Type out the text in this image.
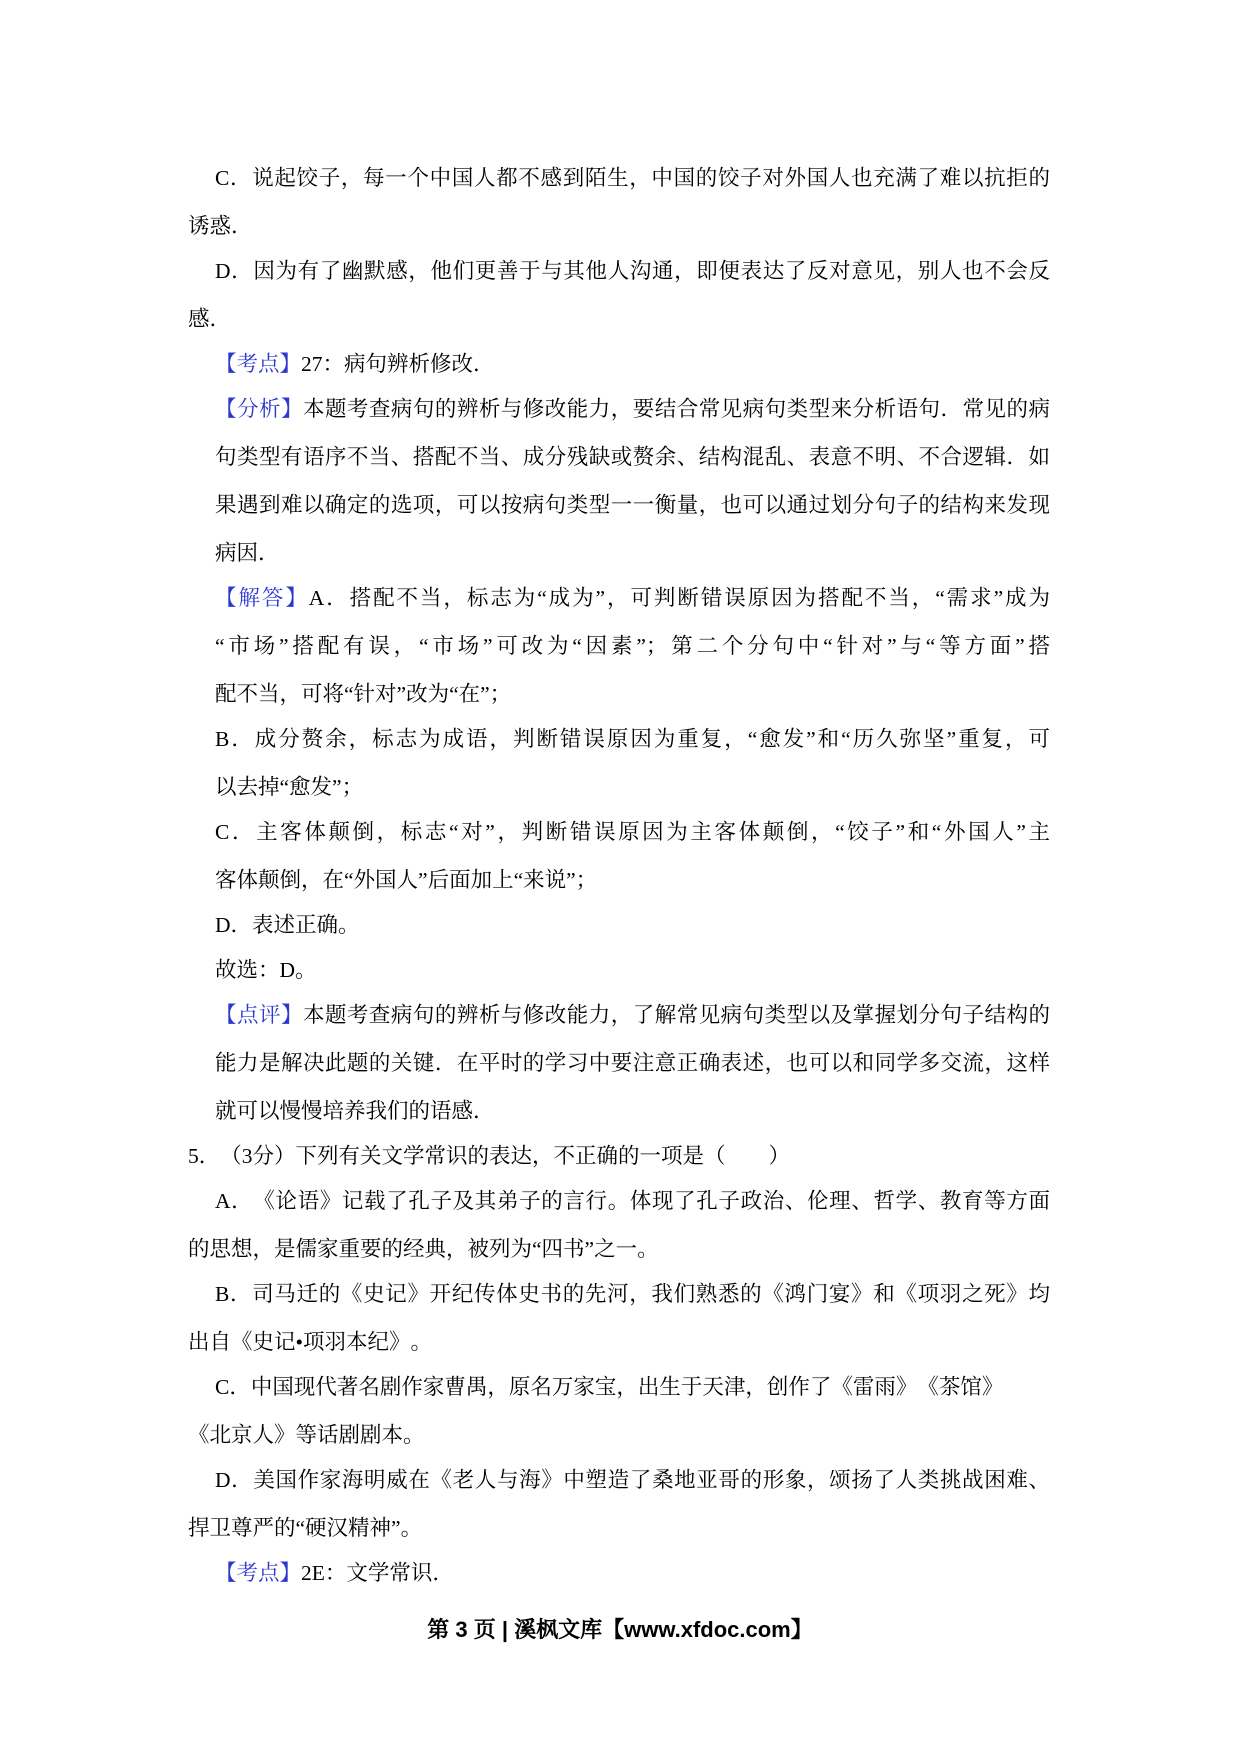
C．说起饺子，每一个中国人都不感到陌生，中国的饺子对外国人也充满了难以抗拒的
诱惑．
D．因为有了幽默感，他们更善于与其他人沟通，即便表达了反对意见，别人也不会反
感．
【考点】27：病句辨析修改．
【分析】本题考查病句的辨析与修改能力，要结合常见病句类型来分析语句．常见的病
句类型有语序不当、搭配不当、成分残缺或赘余、结构混乱、表意不明、不合逻辑．如
果遇到难以确定的选项，可以按病句类型一一衡量，也可以通过划分句子的结构来发现
病因．
【解答】A．搭配不当，标志为“成为”，可判断错误原因为搭配不当，“需求”成为
“市场”搭配有误，“市场”可改为“因素”；第二个分句中“针对”与“等方面”搭
配不当，可将“针对”改为“在”；
B．成分赘余，标志为成语，判断错误原因为重复，“愈发”和“历久弥坚”重复，可
以去掉“愈发”；
C．主客体颠倒，标志“对”，判断错误原因为主客体颠倒，“饺子”和“外国人”主
客体颠倒，在“外国人”后面加上“来说”；
D．表述正确。
故选：D。
【点评】本题考查病句的辨析与修改能力，了解常见病句类型以及掌握划分句子结构的
能力是解决此题的关键．在平时的学习中要注意正确表述，也可以和同学多交流，这样
就可以慢慢培养我们的语感．
5．（3分）下列有关文学常识的表达，不正确的一项是（　　）
A．《论语》记载了孔子及其弟子的言行。体现了孔子政治、伦理、哲学、教育等方面
的思想，是儒家重要的经典，被列为“四书”之一。
B．司马迁的《史记》开纪传体史书的先河，我们熟悉的《鸿门宴》和《项羽之死》均
出自《史记•项羽本纪》。
C．中国现代著名剧作家曹禺，原名万家宝，出生于天津，创作了《雷雨》《茶馆》
《北京人》等话剧剧本。
D．美国作家海明威在《老人与海》中塑造了桑地亚哥的形象，颂扬了人类挑战困难、
捍卫尊严的“硬汉精神”。
【考点】2E：文学常识．
第 3 页 | 溪枫文库【www.xfdoc.com】
